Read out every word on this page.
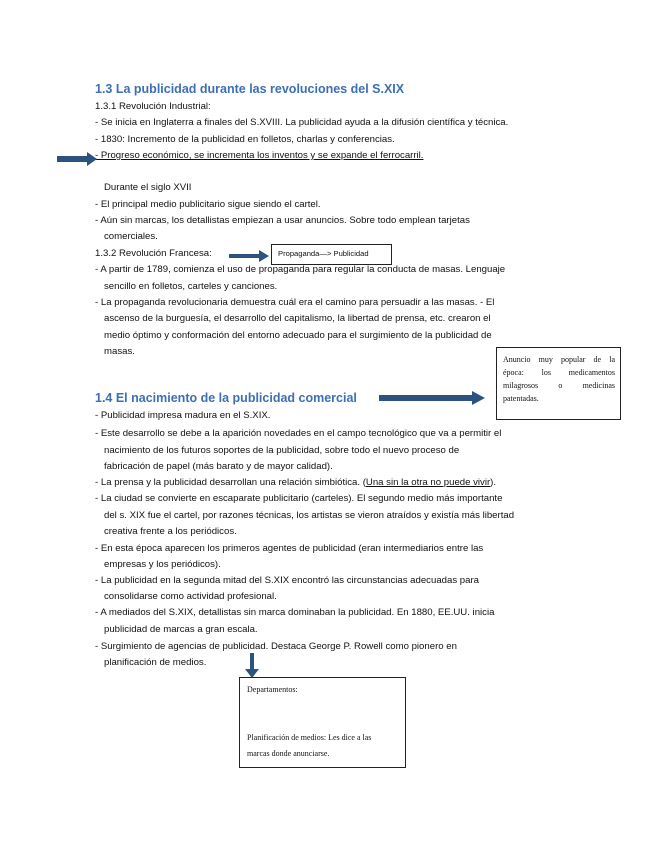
1.3 La publicidad durante las revoluciones del S.XIX
1.3.1 Revolución Industrial:
- Se inicia en Inglaterra a finales del S.XVIII. La publicidad ayuda a la difusión científica y técnica.
- 1830: Incremento de la publicidad en folletos, charlas y conferencias.
- Progreso económico, se incrementa los inventos y se expande el ferrocarril.
Durante el siglo XVII
- El principal medio publicitario sigue siendo el cartel.
- Aún sin marcas, los detallistas empiezan a usar anuncios. Sobre todo emplean tarjetas
comerciales.
1.3.2 Revolución Francesa:	Propaganda—> Publicidad
- A partir de 1789, comienza el uso de propaganda para regular la conducta de masas. Lenguaje
sencillo en folletos, carteles y canciones.
- La propaganda revolucionaria demuestra cuál era el camino para persuadir a las masas. - El
ascenso de la burguesía, el desarrollo del capitalismo, la libertad de prensa, etc. crearon el
medio óptimo y conformación del entorno adecuado para el surgimiento de la publicidad de
masas.
Anuncio muy popular de la
época: los medicamentos
milagrosos o medicinas
patentadas.
1.4 El nacimiento de la publicidad comercial
- Publicidad impresa madura en el S.XIX.
- Este desarrollo se debe a la aparición novedades en el campo tecnológico que va a permitir el
nacimiento de los futuros soportes de la publicidad, sobre todo el nuevo proceso de
fabricación de papel (más barato y de mayor calidad).
- La prensa y la publicidad desarrollan una relación simbiótica. (Una sin la otra no puede vivir).
- La ciudad se convierte en escaparate publicitario (carteles). El segundo medio más importante
del s. XIX fue el cartel, por razones técnicas, los artistas se vieron atraídos y existía más libertad
creativa frente a los periódicos.
- En esta época aparecen los primeros agentes de publicidad (eran intermediarios entre las
empresas y los periódicos).
- La publicidad en la segunda mitad del S.XIX encontró las circunstancias adecuadas para
consolidarse como actividad profesional.
- A mediados del S.XIX, detallistas sin marca dominaban la publicidad. En 1880, EE.UU. inicia
publicidad de marcas a gran escala.
- Surgimiento de agencias de publicidad. Destaca George P. Rowell como pionero en
planificación de medios.
Departamentos:
Planificación de medios: Les dice a las
marcas donde anunciarse.
